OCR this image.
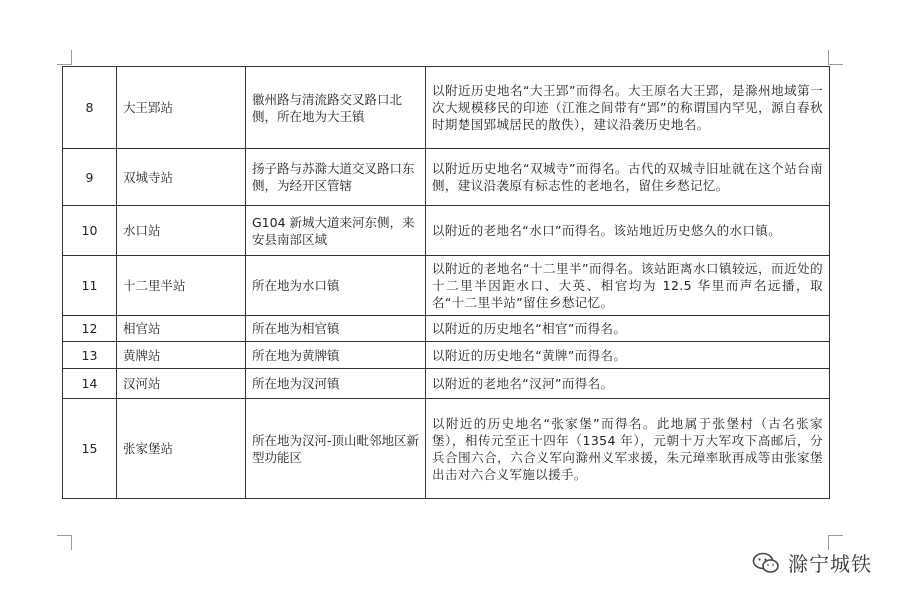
8	大王郢站	徽州路与清流路交叉路口北侧，所在地为大王镇	以附近历史地名“大王郢”而得名。大王原名大王郢，是滁州地域第一次大规模移民的印迹（江淮之间带有“郢”的称谓国内罕见，源自春秋时期楚国郢城居民的散佚），建议沿袭历史地名。
9	双城寺站	扬子路与苏滁大道交叉路口东侧，为经开区管辖	以附近历史地名“双城寺”而得名。古代的双城寺旧址就在这个站台南侧，建议沿袭原有标志性的老地名，留住乡愁记忆。
10	水口站	G104 新城大道来河东侧，来安县南部区域	以附近的老地名“水口”而得名。该站地近历史悠久的水口镇。
11	十二里半站	所在地为水口镇	以附近的老地名“十二里半”而得名。该站距离水口镇较远，而近处的十二里半因距水口、大英、相官均为 12.5 华里而声名远播，取名“十二里半站”留住乡愁记忆。
12	相官站	所在地为相官镇	以附近的历史地名“相官”而得名。
13	黄牌站	所在地为黄牌镇	以附近的历史地名“黄牌”而得名。
14	汊河站	所在地为汊河镇	以附近的老地名“汊河”而得名。
15	张家堡站	所在地为汊河-顶山毗邻地区新型功能区	以附近的历史地名“张家堡”而得名。此地属于张堡村（古名张家堡），相传元至正十四年（1354 年），元朝十万大军攻下高邮后，分兵合围六合，六合义军向滁州义军求援，朱元璋率耿再成等由张家堡出击对六合义军施以援手。
滁宁城铁
